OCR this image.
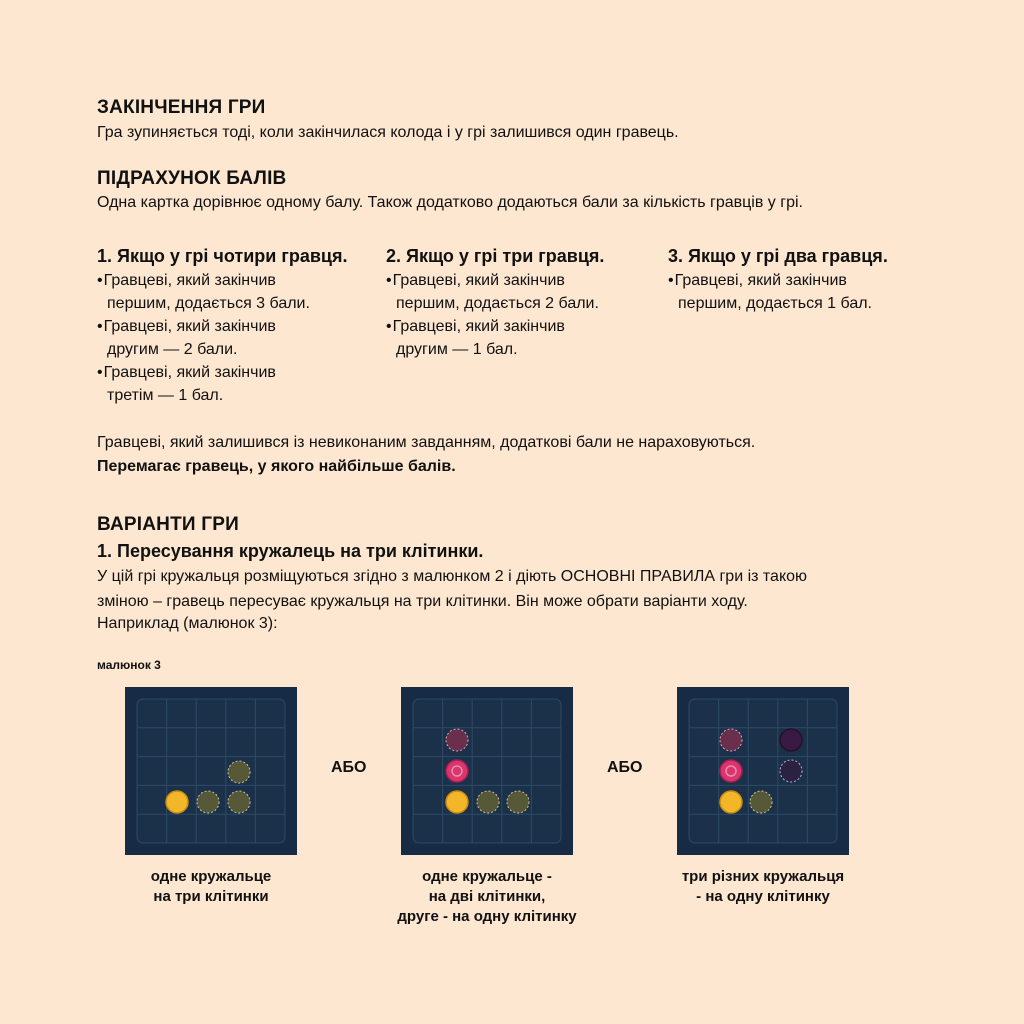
ЗАКІНЧЕННЯ ГРИ
Гра зупиняється тоді, коли закінчилася колода і у грі залишився один гравець.
ПІДРАХУНОК БАЛІВ
Одна картка дорівнює одному балу. Також додатково додаються бали за кількість гравців у грі.
1. Якщо у грі чотири гравця.
• Гравцеві, який закінчив
першим, додається 3 бали.
• Гравцеві, який закінчив
другим — 2 бали.
• Гравцеві, який закінчив
третім — 1 бал.
2. Якщо у грі три гравця.
• Гравцеві, який закінчив
першим, додається 2 бали.
• Гравцеві, який закінчив
другим — 1 бал.
3. Якщо у грі два гравця.
• Гравцеві, який закінчив
першим, додається 1 бал.
Гравцеві, який залишився із невиконаним завданням, додаткові бали не нараховуються.
Перемагає гравець, у якого найбільше балів.
ВАРІАНТИ ГРИ
1. Пересування кружалець на три клітинки.
У цій грі кружальця розміщуються згідно з малюнком 2 і діють ОСНОВНІ ПРАВИЛА гри із такою
зміною – гравець пересуває кружальця на три клітинки. Він може обрати варіанти ходу.
Наприклад (малюнок 3):
малюнок 3
АБО	АБО
одне кружальце
на три клітинки
одне кружальце -
на дві клітинки,
друге - на одну клітинку
три різних кружальця
- на одну клітинку
